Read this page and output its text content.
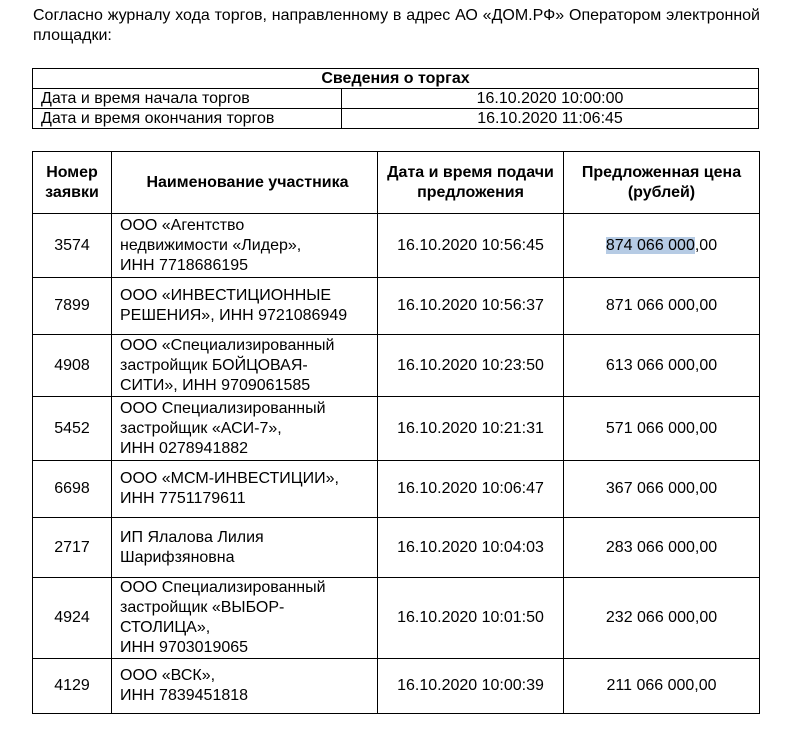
Согласно журналу хода торгов, направленному в адрес АО «ДОМ.РФ» Оператором электронной площадки:
Сведения о торгах	
Дата и время начала торгов	16.10.2020 10:00:00
Дата и время окончания торгов	16.10.2020 11:06:45
Номер заявки	Наименование участника	Дата и время подачи предложения	Предложенная цена (рублей)
3574	ООО «Агентство
недвижимости «Лидер»,
ИНН 7718686195	16.10.2020 10:56:45	874 066 000,00
7899	ООО «ИНВЕСТИЦИОННЫЕ
РЕШЕНИЯ», ИНН 9721086949	16.10.2020 10:56:37	871 066 000,00
4908	ООО «Специализированный
застройщик БОЙЦОВАЯ-
СИТИ», ИНН 9709061585	16.10.2020 10:23:50	613 066 000,00
5452	ООО Специализированный
застройщик «АСИ-7»,
ИНН 0278941882	16.10.2020 10:21:31	571 066 000,00
6698	ООО «МСМ-ИНВЕСТИЦИИ»,
ИНН 7751179611	16.10.2020 10:06:47	367 066 000,00
2717	ИП Ялалова Лилия
Шарифзяновна	16.10.2020 10:04:03	283 066 000,00
4924	ООО Специализированный
застройщик «ВЫБОР-
СТОЛИЦА»,
ИНН 9703019065	16.10.2020 10:01:50	232 066 000,00
4129	ООО «ВСК»,
ИНН 7839451818	16.10.2020 10:00:39	211 066 000,00
